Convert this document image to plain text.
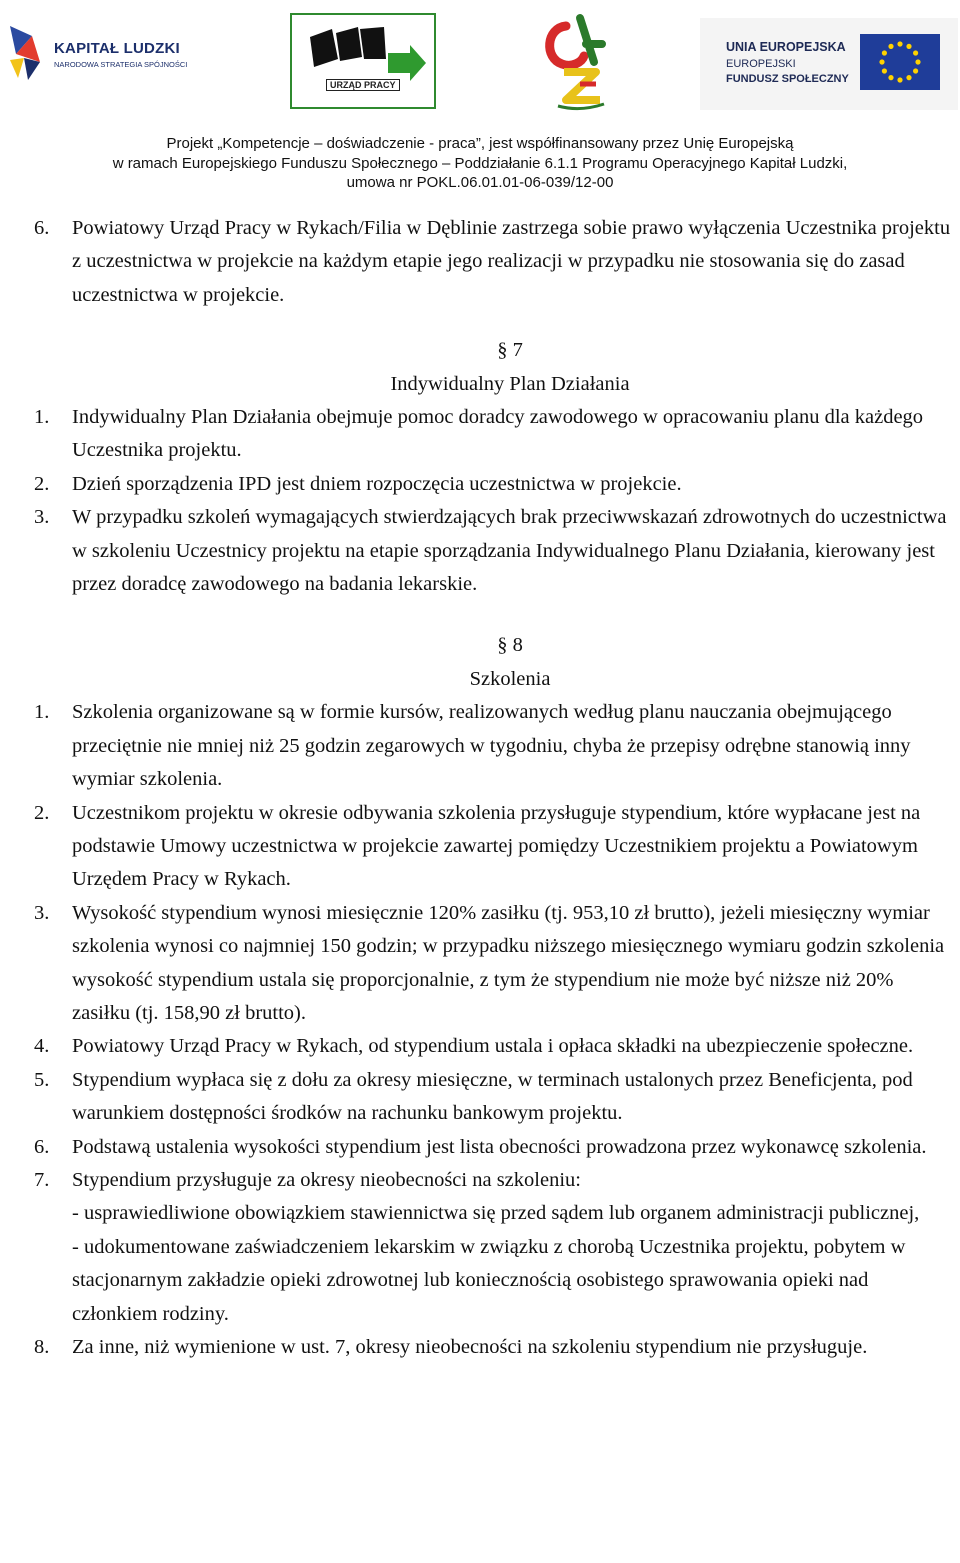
KAPITAŁ LUDZKI
NARODOWA STRATEGIA SPÓJNOŚCI
URZĄD PRACY
UNIA EUROPEJSKA
EUROPEJSKI
FUNDUSZ SPOŁECZNY
Projekt „Kompetencje – doświadczenie - praca”, jest współfinansowany przez Unię Europejską
w ramach Europejskiego Funduszu Społecznego – Poddziałanie 6.1.1 Programu Operacyjnego Kapitał Ludzki,
umowa nr POKL.06.01.01-06-039/12-00
6. Powiatowy Urząd Pracy w Rykach/Filia w Dęblinie zastrzega sobie prawo wyłączenia Uczestnika projektu z uczestnictwa w projekcie na każdym etapie jego realizacji w przypadku nie stosowania się do zasad uczestnictwa w projekcie.
§ 7
Indywidualny Plan Działania
1. Indywidualny Plan Działania obejmuje pomoc doradcy zawodowego w opracowaniu planu dla każdego Uczestnika projektu.
2. Dzień sporządzenia IPD jest dniem rozpoczęcia uczestnictwa w projekcie.
3. W przypadku szkoleń wymagających stwierdzających brak przeciwwskazań zdrowotnych do uczestnictwa w szkoleniu Uczestnicy projektu na etapie sporządzania Indywidualnego Planu Działania, kierowany jest przez doradcę zawodowego na badania lekarskie.
§ 8
Szkolenia
1. Szkolenia organizowane są w formie kursów, realizowanych według planu nauczania obejmującego przeciętnie nie mniej niż 25 godzin zegarowych w tygodniu, chyba że przepisy odrębne stanowią inny wymiar szkolenia.
2. Uczestnikom projektu w okresie odbywania szkolenia przysługuje stypendium, które wypłacane jest na podstawie Umowy uczestnictwa w projekcie zawartej pomiędzy Uczestnikiem projektu a Powiatowym Urzędem Pracy w Rykach.
3. Wysokość stypendium wynosi miesięcznie 120% zasiłku (tj. 953,10 zł brutto), jeżeli miesięczny wymiar szkolenia wynosi co najmniej 150 godzin; w przypadku niższego miesięcznego wymiaru godzin szkolenia wysokość stypendium ustala się proporcjonalnie, z tym że stypendium nie może być niższe niż 20% zasiłku (tj. 158,90 zł brutto).
4. Powiatowy Urząd Pracy w Rykach, od stypendium ustala i opłaca składki na ubezpieczenie społeczne.
5. Stypendium wypłaca się z dołu za okresy miesięczne, w terminach ustalonych przez Beneficjenta, pod warunkiem dostępności środków na rachunku bankowym projektu.
6. Podstawą ustalenia wysokości stypendium jest lista obecności prowadzona przez wykonawcę szkolenia.
7. Stypendium przysługuje za okresy nieobecności na szkoleniu:
- usprawiedliwione obowiązkiem stawiennictwa się przed sądem lub organem administracji publicznej,
- udokumentowane zaświadczeniem lekarskim w związku z chorobą Uczestnika projektu, pobytem w stacjonarnym zakładzie opieki zdrowotnej lub koniecznością osobistego sprawowania opieki nad członkiem rodziny.
8. Za inne, niż wymienione w ust. 7, okresy nieobecności na szkoleniu stypendium nie przysługuje.
